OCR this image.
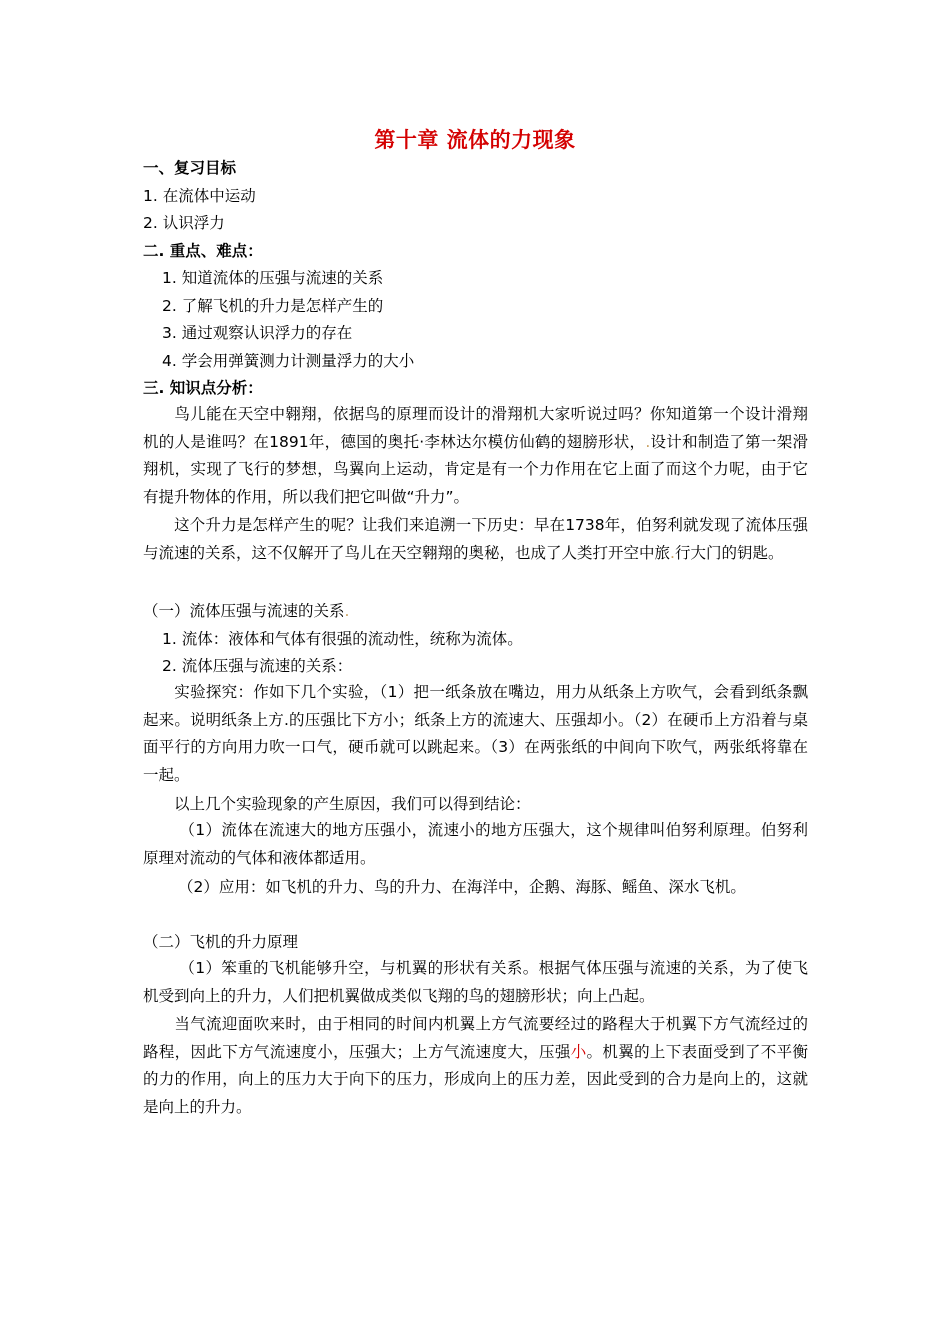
第十章 流体的力现象
一、复习目标
1. 在流体中运动
2. 认识浮力
二. 重点、难点：
1. 知道流体的压强与流速的关系
2. 了解飞机的升力是怎样产生的
3. 通过观察认识浮力的存在
4. 学会用弹簧测力计测量浮力的大小
三. 知识点分析：
鸟儿能在天空中翱翔，依据鸟的原理而设计的滑翔机大家听说过吗？你知道第一个设计滑翔机的人是谁吗？在1891年，德国的奥托·李林达尔模仿仙鹤的翅膀形状，.设计和制造了第一架滑翔机，实现了飞行的梦想，鸟翼向上运动，肯定是有一个力作用在它上面了而这个力呢，由于它有提升物体的作用，所以我们把它叫做“升力”。
这个升力是怎样产生的呢？让我们来追溯一下历史：早在1738年，伯努利就发现了流体压强与流速的关系，这不仅解开了鸟儿在天空翱翔的奥秘，也成了人类打开空中旅.行大门的钥匙。
（一）流体压强与流速的关系.
1. 流体：液体和气体有很强的流动性，统称为流体。
2. 流体压强与流速的关系：
实验探究：作如下几个实验，（1）把一纸条放在嘴边，用力从纸条上方吹气，会看到纸条飘起来。说明纸条上方.的压强比下方小；纸条上方的流速大、压强却小。（2）在硬币上方沿着与桌面平行的方向用力吹一口气，硬币就可以跳起来。（3）在两张纸的中间向下吹气，两张纸将靠在一起。
以上几个实验现象的产生原因，我们可以得到结论：
（1）流体在流速大的地方压强小，流速小的地方压强大，这个规律叫伯努利原理。伯努利原理对流动的气体和液体都适用。
（2）应用：如飞机的升力、鸟的升力、在海洋中，企鹅、海豚、鳐鱼、深水飞机。
（二）飞机的升力原理
（1）笨重的飞机能够升空，与机翼的形状有关系。根据气体压强与流速的关系，为了使飞机受到向上的升力，人们把机翼做成类似飞翔的鸟的翅膀形状；向上凸起。
当气流迎面吹来时，由于相同的时间内机翼上方气流要经过的路程大于机翼下方气流经过的路程，因此下方气流速度小，压强大；上方气流速度大，压强小。机翼的上下表面受到了不平衡的力的作用，向上的压力大于向下的压力，形成向上的压力差，因此受到的合力是向上的，这就是向上的升力。
